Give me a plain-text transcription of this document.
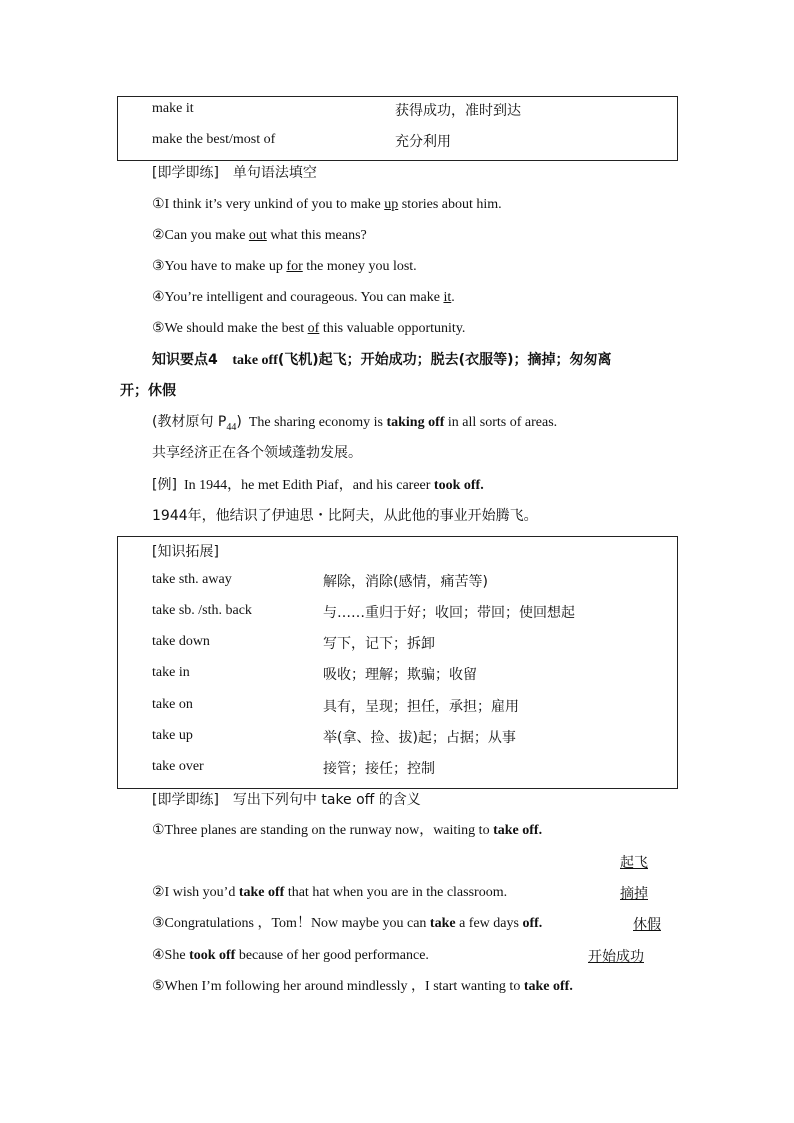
make it	获得成功，准时到达
make the best/most of	充分利用
[即学即练]　单句语法填空
①I think it’s very unkind of you to make up stories about him.
②Can you make out what this means?
③You have to make up for the money you lost.
④You’re intelligent and courageous. You can make it.
⑤We should make the best of this valuable opportunity.
知识要点4 take off(飞机)起飞；开始成功；脱去(衣服等)；摘掉；匆匆离
开；休假
(教材原句 $P_{44}$) The sharing economy is taking off in all sorts of areas.
共享经济正在各个领域蓬勃发展。
[例] In 1944，he met Edith Piaf，and his career took off.
1944年，他结识了伊迪思・比阿夫，从此他的事业开始腾飞。
[知识拓展]
take sth. away	解除，消除(感情，痛苦等)
take sb. /sth. back	与……重归于好；收回；带回；使回想起
take down	写下，记下；拆卸
take in	吸收；理解；欺骗；收留
take on	具有，呈现；担任，承担；雇用
take up	举(拿、捡、拔)起；占据；从事
take over	接管；接任；控制
[即学即练]　写出下列句中 take off 的含义
①Three planes are standing on the runway now，waiting to take off.
起飞
②I wish you’d take off that hat when you are in the classroom.	摘掉
③Congratulations ，Tom！Now maybe you can take a few days off.	休假
④She took off because of her good performance.	开始成功
⑤When I’m following her around mindlessly ，I start wanting to take off.
